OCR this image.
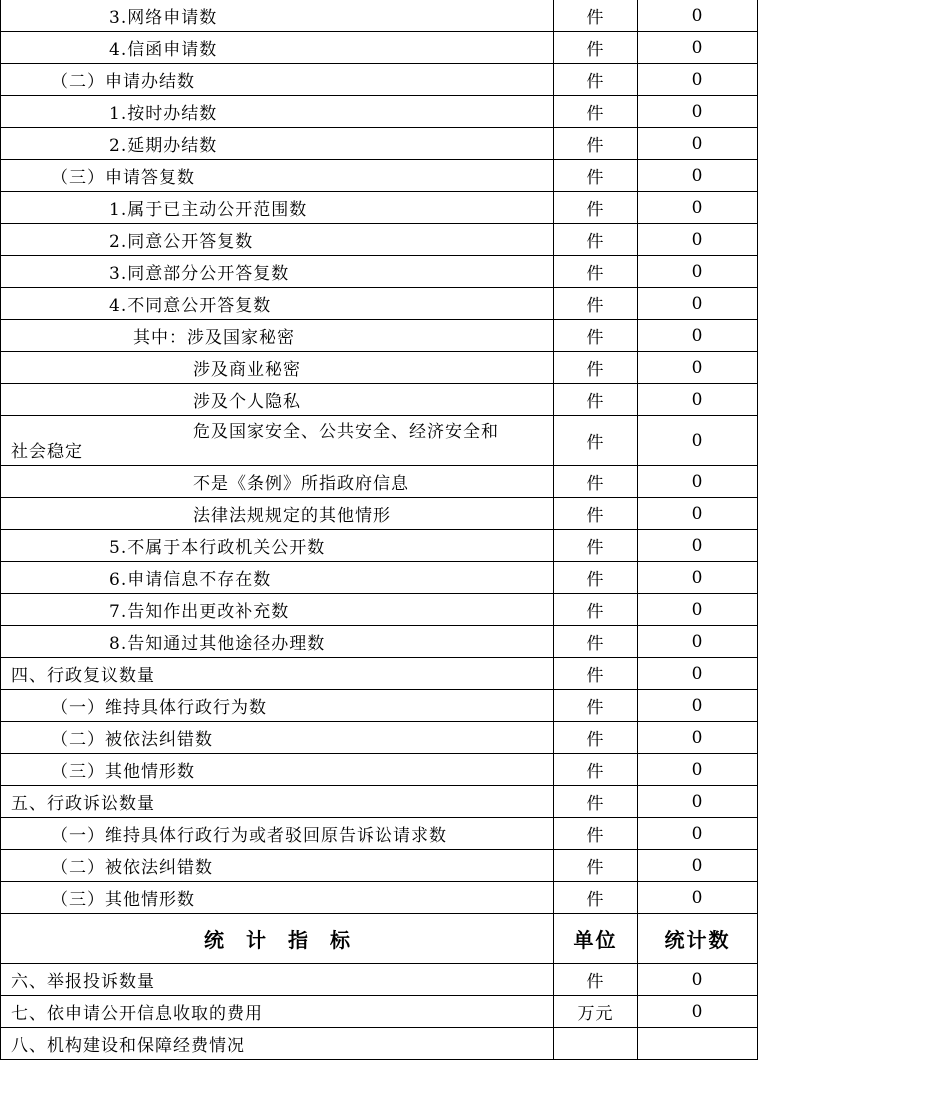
3.网络申请数	件	0
4.信函申请数	件	0
（二）申请办结数	件	0
1.按时办结数	件	0
2.延期办结数	件	0
（三）申请答复数	件	0
1.属于已主动公开范围数	件	0
2.同意公开答复数	件	0
3.同意部分公开答复数	件	0
4.不同意公开答复数	件	0
其中：涉及国家秘密	件	0
涉及商业秘密	件	0
涉及个人隐私	件	0

危及国家安全、公共安全、经济安全和
社会稳定	件	0
不是《条例》所指政府信息	件	0
法律法规规定的其他情形	件	0
5.不属于本行政机关公开数	件	0
6.申请信息不存在数	件	0
7.告知作出更改补充数	件	0
8.告知通过其他途径办理数	件	0
四、行政复议数量	件	0
（一）维持具体行政行为数	件	0
（二）被依法纠错数	件	0
（三）其他情形数	件	0
五、行政诉讼数量	件	0
（一）维持具体行政行为或者驳回原告诉讼请求数	件	0
（二）被依法纠错数	件	0
（三）其他情形数	件	0
统计指标	单位	统计数
六、举报投诉数量	件	0
七、依申请公开信息收取的费用	万元	0
八、机构建设和保障经费情况		
